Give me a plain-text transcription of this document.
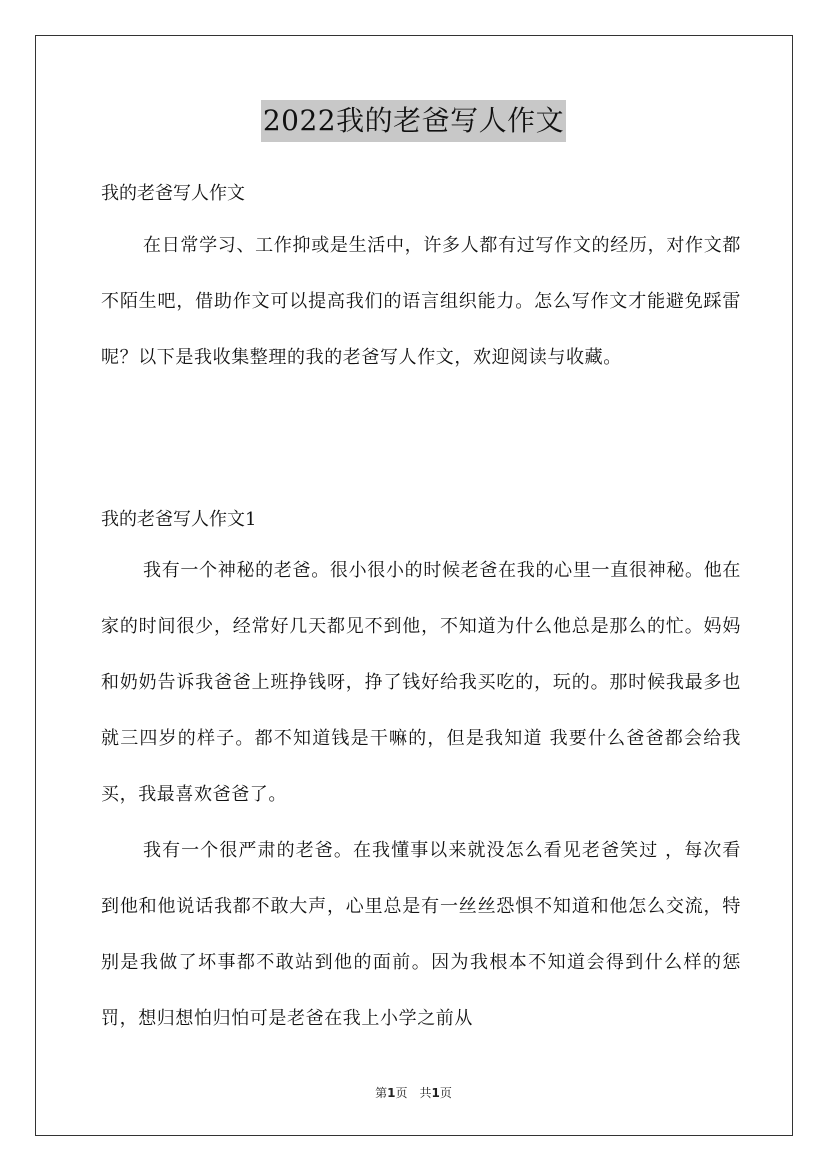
2022我的老爸写人作文
我的老爸写人作文

在日常学习、工作抑或是生活中，许多人都有过写作文的经历，对作文都不陌生吧，借助作文可以提高我们的语言组织能力。怎么写作文才能避免踩雷呢？以下是我收集整理的我的老爸写人作文，欢迎阅读与收藏。

我的老爸写人作文1

我有一个神秘的老爸。很小很小的时候老爸在我的心里一直很神秘。他在家的时间很少，经常好几天都见不到他，不知道为什么他总是那么的忙。妈妈和奶奶告诉我爸爸上班挣钱呀，挣了钱好给我买吃的，玩的。那时候我最多也就三四岁的样子。都不知道钱是干嘛的，但是我知道 我要什么爸爸都会给我买，我最喜欢爸爸了。

我有一个很严肃的老爸。在我懂事以来就没怎么看见老爸笑过 ，每次看到他和他说话我都不敢大声，心里总是有一丝丝恐惧不知道和他怎么交流，特别是我做了坏事都不敢站到他的面前。因为我根本不知道会得到什么样的惩罚，想归想怕归怕可是老爸在我上小学之前从

第1页 共1页
